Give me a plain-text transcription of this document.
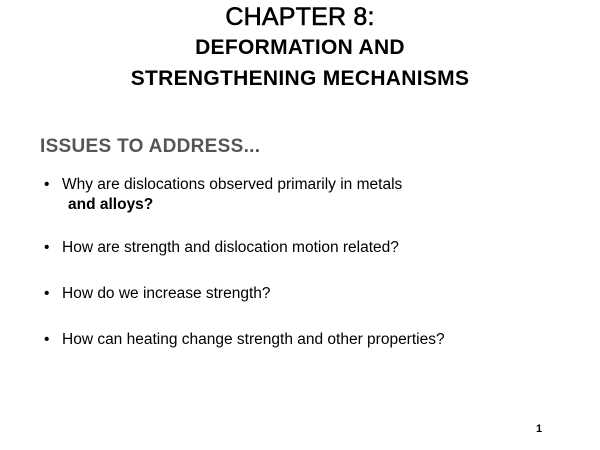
CHAPTER 8:
DEFORMATION AND
STRENGTHENING MECHANISMS
ISSUES TO ADDRESS...
• Why are dislocations observed primarily in metals
and alloys?
• How are strength and dislocation motion related?
• How do we increase strength?
• How can heating change strength and other properties?
1
